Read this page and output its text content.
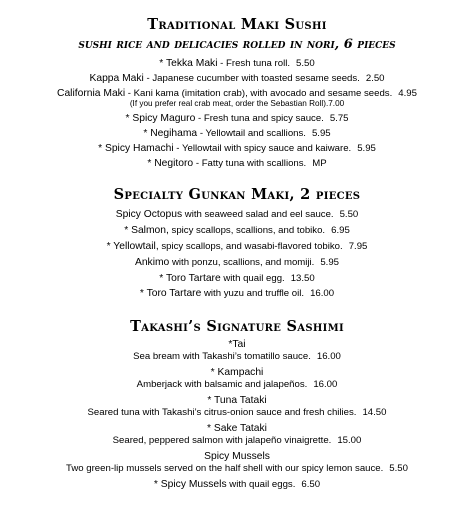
Traditional Maki Sushi
sushi rice and delicacies rolled in nori, 6 pieces
* Tekka Maki - Fresh tuna roll. 5.50
Kappa Maki - Japanese cucumber with toasted sesame seeds. 2.50
California Maki - Kani kama (imitation crab), with avocado and sesame seeds. 4.95
(If you prefer real crab meat, order the Sebastian Roll).7.00
* Spicy Maguro - Fresh tuna and spicy sauce. 5.75
* Negihama - Yellowtail and scallions. 5.95
* Spicy Hamachi - Yellowtail with spicy sauce and kaiware. 5.95
* Negitoro - Fatty tuna with scallions. MP
Specialty Gunkan Maki, 2 pieces
Spicy Octopus with seaweed salad and eel sauce. 5.50
* Salmon, spicy scallops, scallions, and tobiko. 6.95
* Yellowtail, spicy scallops, and wasabi-flavored tobiko. 7.95
Ankimo with ponzu, scallions, and momiji. 5.95
* Toro Tartare with quail egg. 13.50
* Toro Tartare with yuzu and truffle oil. 16.00
Takashi’s Signature Sashimi
*Tai
Sea bream with Takashi’s tomatillo sauce. 16.00
* Kampachi
Amberjack with balsamic and jalapeños. 16.00
* Tuna Tataki
Seared tuna with Takashi’s citrus-onion sauce and fresh chilies. 14.50
* Sake Tataki
Seared, peppered salmon with jalapeño vinaigrette. 15.00
Spicy Mussels
Two green-lip mussels served on the half shell with our spicy lemon sauce. 5.50
* Spicy Mussels with quail eggs. 6.50
